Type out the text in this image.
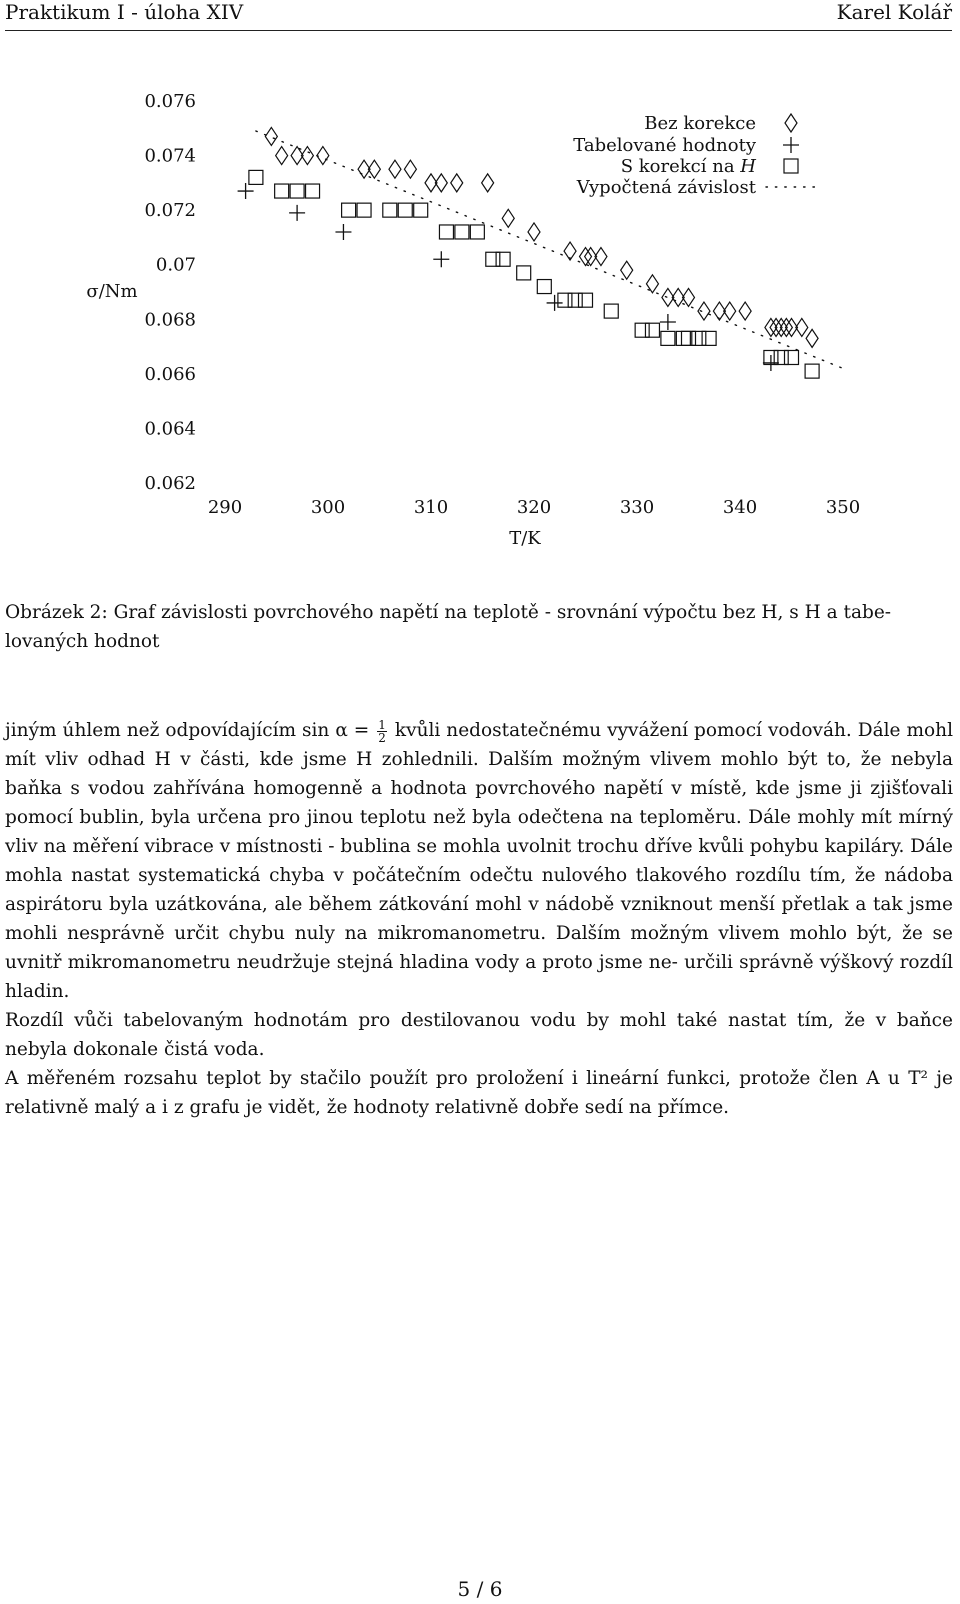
Praktikum I - úloha XIV	Karel Kolář
0.076
0.074
0.072
0.07
0.068
0.066
0.064
0.062
290	300	310	320	330	340	350
σ/Nm
T/K
Bez korekce
Tabelované hodnoty
S korekcí na H
Vypočtená závislost
Obrázek 2: Graf závislosti povrchového napětí na teplotě - srovnání výpočtu bez H, s H a tabe- lovaných hodnot

jiným úhlem než odpovídajícím $\sin \alpha = \frac{1}{2}$ kvůli nedostatečnému vyvážení pomocí vodováh. Dále mohl mít vliv odhad H v části, kde jsme H zohlednili. Dalším možným vlivem mohlo být to, že nebyla baňka s vodou zahřívána homogenně a hodnota povrchového napětí v místě, kde jsme ji zjišťovali pomocí bublin, byla určena pro jinou teplotu než byla odečtena na teploměru. Dále mohly mít mírný vliv na měření vibrace v místnosti - bublina se mohla uvolnit trochu dříve kvůli pohybu kapiláry. Dále mohla nastat systematická chyba v počátečním odečtu nulového tlakového rozdílu tím, že nádoba aspirátoru byla uzátkována, ale během zátkování mohl v nádobě vzniknout menší přetlak a tak jsme mohli nesprávně určit chybu nuly na mikromanometru. Dalším možným vlivem mohlo být, že se uvnitř mikromanometru neudržuje stejná hladina vody a proto jsme ne- určili správně výškový rozdíl hladin.

Rozdíl vůči tabelovaným hodnotám pro destilovanou vodu by mohl také nastat tím, že v baňce nebyla dokonale čistá voda.

A měřeném rozsahu teplot by stačilo použít pro proložení i lineární funkci, protože člen A u T² je relativně malý a i z grafu je vidět, že hodnoty relativně dobře sedí na přímce.

5 / 6
